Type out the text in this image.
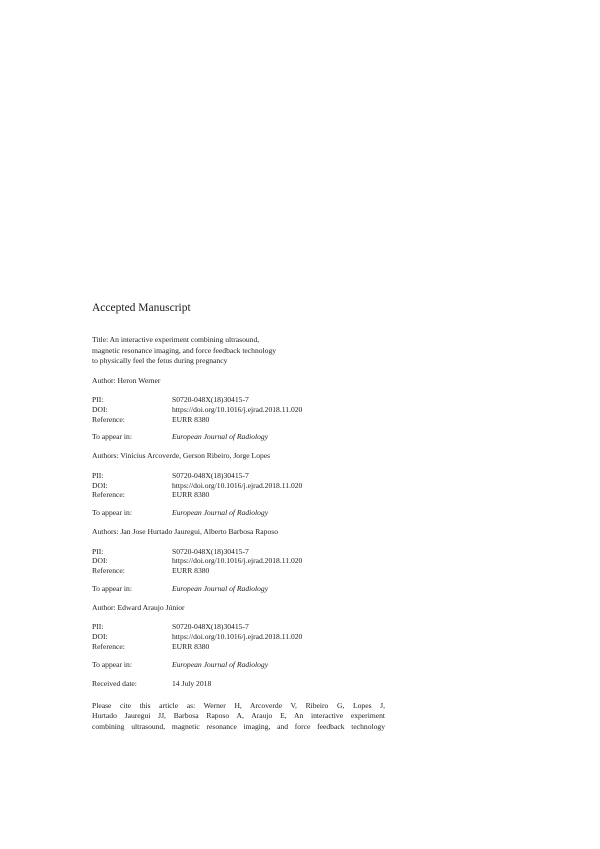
Accepted Manuscript
Title: An interactive experiment combining ultrasound,
magnetic resonance imaging, and force feedback technology
to physically feel the fetus during pregnancy
Author: Heron Werner
PII:	S0720-048X(18)30415-7
DOI:	https://doi.org/10.1016/j.ejrad.2018.11.020
Reference:	EURR 8380
To appear in:	European Journal of Radiology
Authors: Vinícius Arcoverde, Gerson Ribeiro, Jorge Lopes
PII:	S0720-048X(18)30415-7
DOI:	https://doi.org/10.1016/j.ejrad.2018.11.020
Reference:	EURR 8380
To appear in:	European Journal of Radiology
Authors: Jan Jose Hurtado Jauregui, Alberto Barbosa Raposo
PII:	S0720-048X(18)30415-7
DOI:	https://doi.org/10.1016/j.ejrad.2018.11.020
Reference:	EURR 8380
To appear in:	European Journal of Radiology
Author: Edward Araujo Júnior
PII:	S0720-048X(18)30415-7
DOI:	https://doi.org/10.1016/j.ejrad.2018.11.020
Reference:	EURR 8380
To appear in:	European Journal of Radiology
Received date:	14 July 2018
Please cite this article as: Werner H, Arcoverde V, Ribeiro G, Lopes J,
Hurtado Jauregui JJ, Barbosa Raposo A, Araujo E, An interactive experiment
combining ultrasound, magnetic resonance imaging, and force feedback technology
